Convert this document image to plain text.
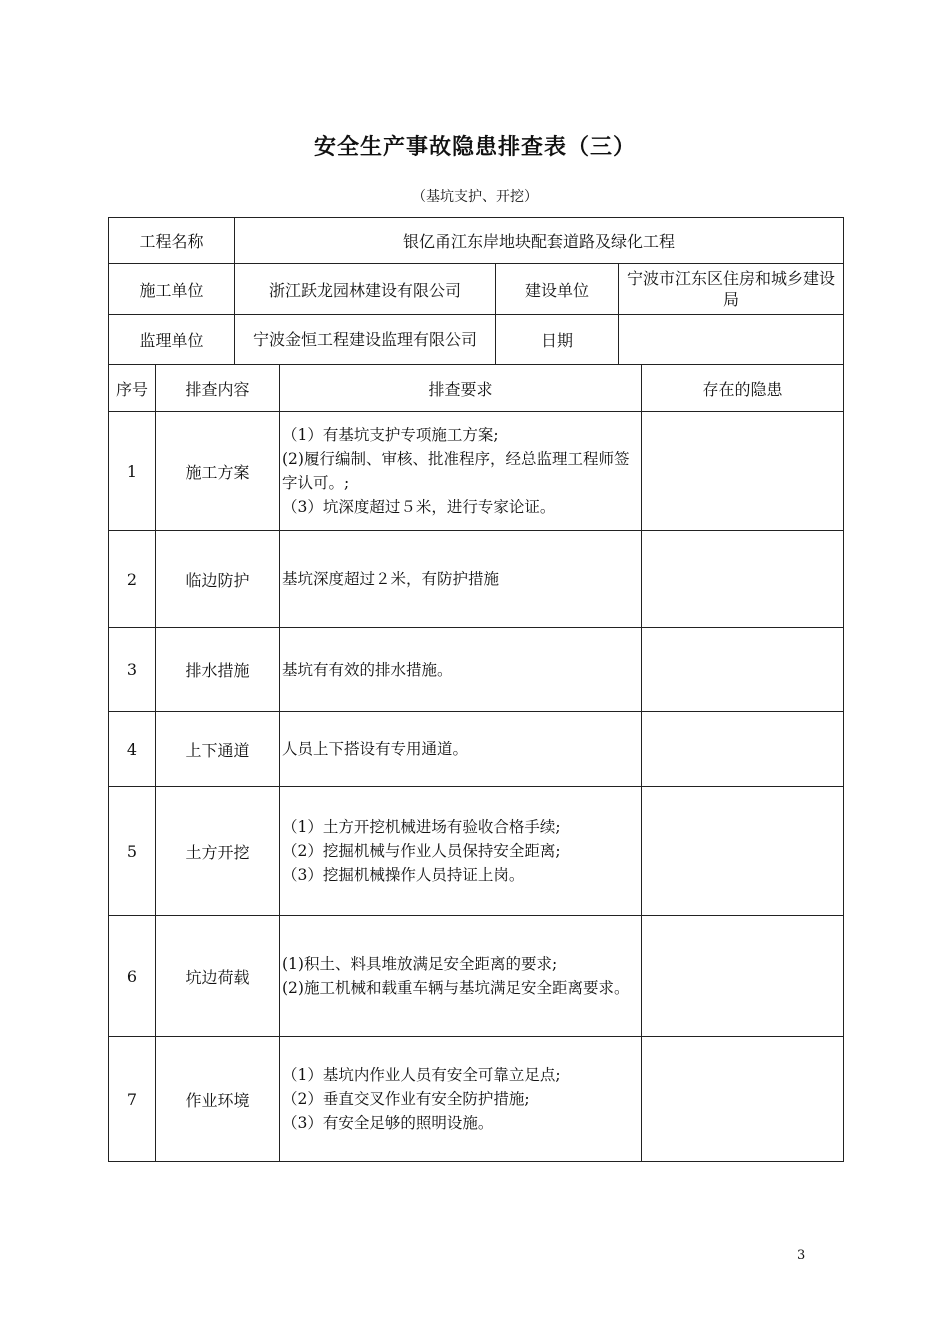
安全生产事故隐患排查表（三）
（基坑支护、开挖）
工程名称	银亿甬江东岸地块配套道路及绿化工程		
施工单位	浙江跃龙园林建设有限公司	建设单位	宁波市江东区住房和城乡建设局
监理单位	宁波金恒工程建设监理有限公司	日期	
序号	排查内容	排查要求	存在的隐患
1	施工方案	（1）有基坑支护专项施工方案;
(2)履行编制、审核、批准程序，经总监理工程师签字认可。;
（3）坑深度超过５米，进行专家论证。	

2	临边防护	基坑深度超过２米，有防护措施	

3	排水措施	基坑有有效的排水措施。	

4	上下通道	人员上下搭设有专用通道。	

5	土方开挖	（1）土方开挖机械进场有验收合格手续;
（2）挖掘机械与作业人员保持安全距离;
（3）挖掘机械操作人员持证上岗。	

6	坑边荷载	(1)积土、料具堆放满足安全距离的要求;
(2)施工机械和载重车辆与基坑满足安全距离要求。	

7	作业环境	（1）基坑内作业人员有安全可靠立足点;
（2）垂直交叉作业有安全防护措施;
（3）有安全足够的照明设施。	

3
